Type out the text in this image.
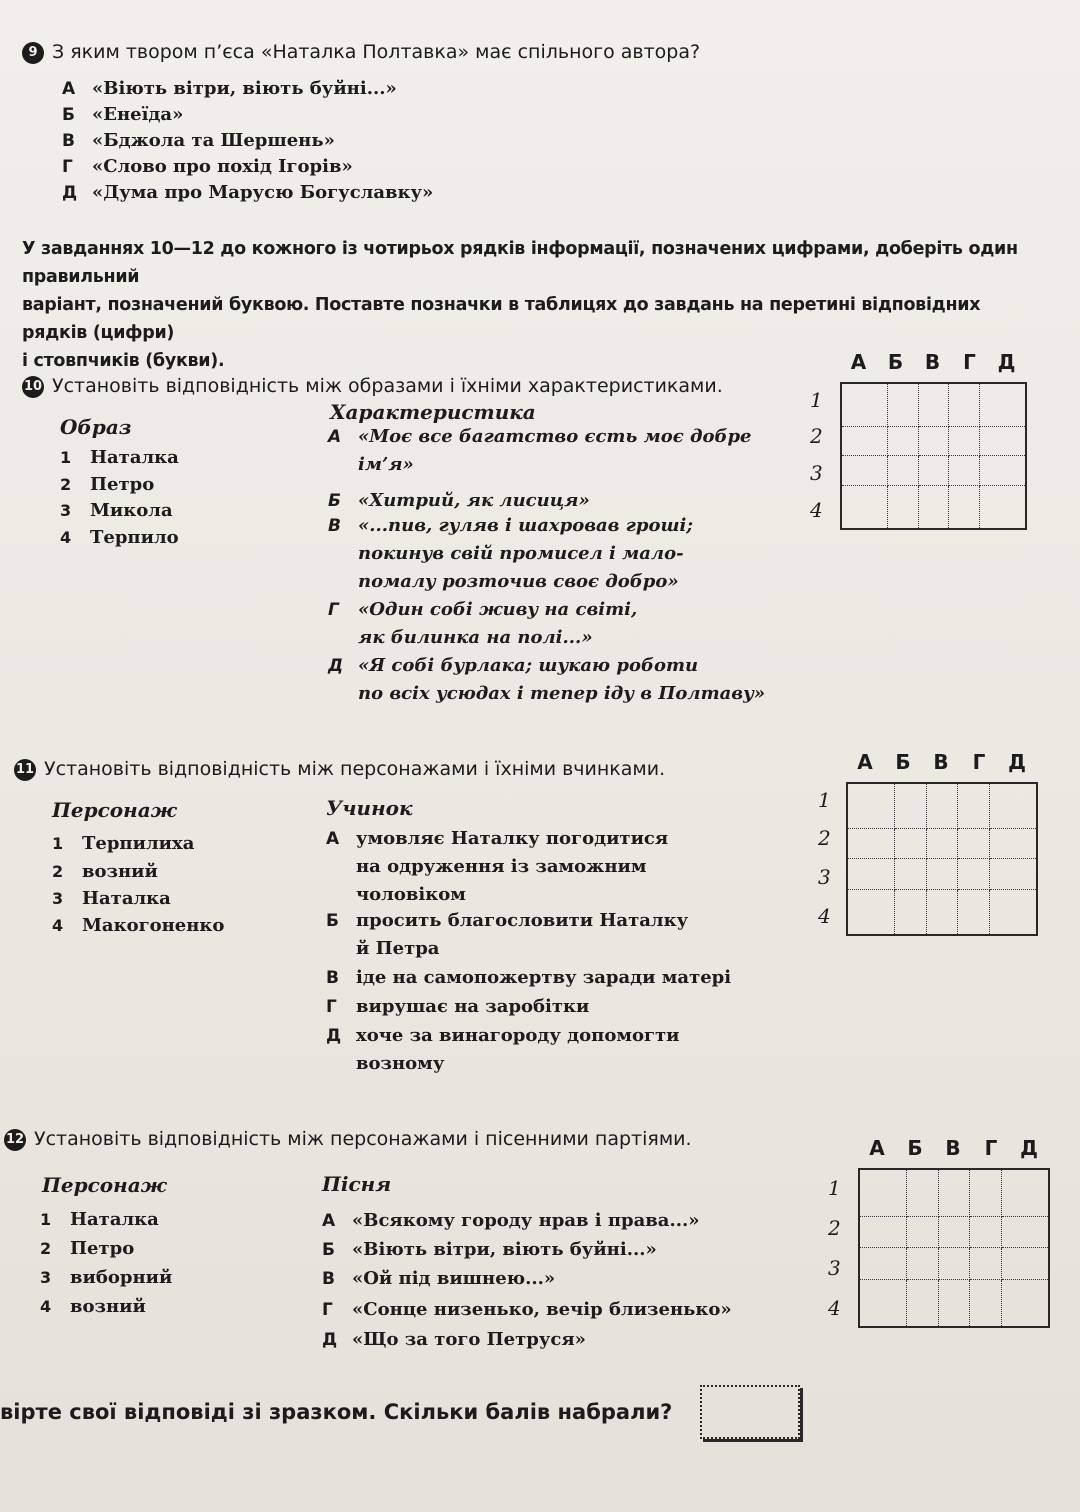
9 З яким твором п’єса «Наталка Полтавка» має спільного автора?
А «Віють вітри, віють буйні...»
Б «Енеїда»
В «Бджола та Шершень»
Г «Слово про похід Ігорів»
Д «Дума про Марусю Богуславку»
У завданнях 10—12 до кожного із чотирьох рядків інформації, позначених цифрами, доберіть один правильний
варіант, позначений буквою. Поставте позначки в таблицях до завдань на перетині відповідних рядків (цифри)
і стовпчиків (букви).
10 Установіть відповідність між образами і їхніми характеристиками.
Образ
Характеристика
1 Наталка
2 Петро
3 Микола
4 Терпило
А «Моє все багатство єсть моє добре
ім’я»
Б «Хитрий, як лисиця»
В «...пив, гуляв і шахровав гроші;
покинув свій промисел і мало-
помалу розточив своє добро»
Г «Один собі живу на світі,
як билинка на полі...»
Д «Я собі бурлака; шукаю роботи
по всіх усюдах і тепер іду в Полтаву»
А Б В Г Д
1
2
3
4

11 Установіть відповідність між персонажами і їхніми вчинками.
Персонаж	Учинок
1 Терпилиха
2 возний
3 Наталка
4 Макогоненко
А умовляє Наталку погодитися
на одруження із заможним
чоловіком
Б просить благословити Наталку
й Петра
В іде на самопожертву заради матері
Г вирушає на заробітки
Д хоче за винагороду допомогти
возному
А Б В Г Д
1
2
3
4

12 Установіть відповідність між персонажами і пісенними партіями.
Персонаж	Пісня
1 Наталка
2 Петро
3 виборний
4 возний
А «Всякому городу нрав і права...»
Б «Віють вітри, віють буйні...»
В «Ой під вишнею...»
Г «Сонце низенько, вечір близенько»
Д «Що за того Петруся»
А Б В Г Д
1
2
3
4

вірте свої відповіді зі зразком. Скільки балів набрали?
